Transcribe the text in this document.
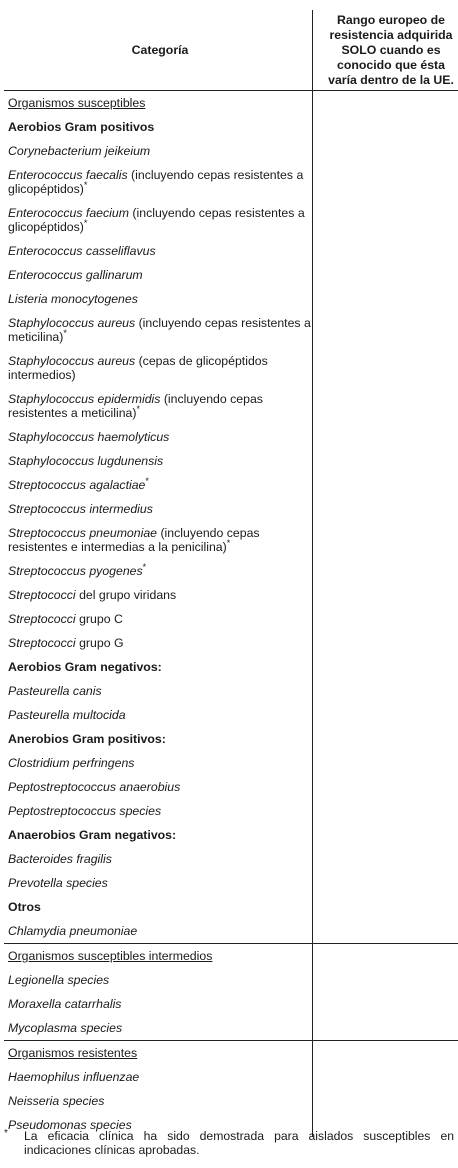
Categoría	Rango europeo de
resistencia adquirida
SOLO cuando es
conocido que ésta
varía dentro de la UE.

Organismos susceptibles	
Aerobios Gram positivos	
Corynebacterium jeikeium	
Enterococcus faecalis (incluyendo cepas resistentes a glicopéptidos)*	
Enterococcus faecium (incluyendo cepas resistentes a glicopéptidos)*	
Enterococcus casseliflavus	
Enterococcus gallinarum	
Listeria monocytogenes	
Staphylococcus aureus (incluyendo cepas resistentes a meticilina)*	
Staphylococcus aureus (cepas de glicopéptidos intermedios)	
Staphylococcus epidermidis (incluyendo cepas resistentes a meticilina)*	
Staphylococcus haemolyticus	
Staphylococcus lugdunensis	
Streptococcus agalactiae*	
Streptococcus intermedius	
Streptococcus pneumoniae (incluyendo cepas resistentes e intermedias a la penicilina)*	
Streptococcus pyogenes*	
Streptococci del grupo viridans	
Streptococci grupo C	
Streptococci grupo G	
Aerobios Gram negativos:	
Pasteurella canis	
Pasteurella multocida	
Anerobios Gram positivos:	
Clostridium perfringens	
Peptostreptococcus anaerobius	
Peptostreptococcus species	
Anaerobios Gram negativos:	
Bacteroides fragilis	
Prevotella species	
Otros	
Chlamydia pneumoniae	
Organismos susceptibles intermedios	
Legionella species	
Moraxella catarrhalis	
Mycoplasma species	
Organismos resistentes	
Haemophilus influenzae	
Neisseria species	
Pseudomonas species	
* La eficacia clínica ha sido demostrada para aislados susceptibles en indicaciones clínicas aprobadas.
